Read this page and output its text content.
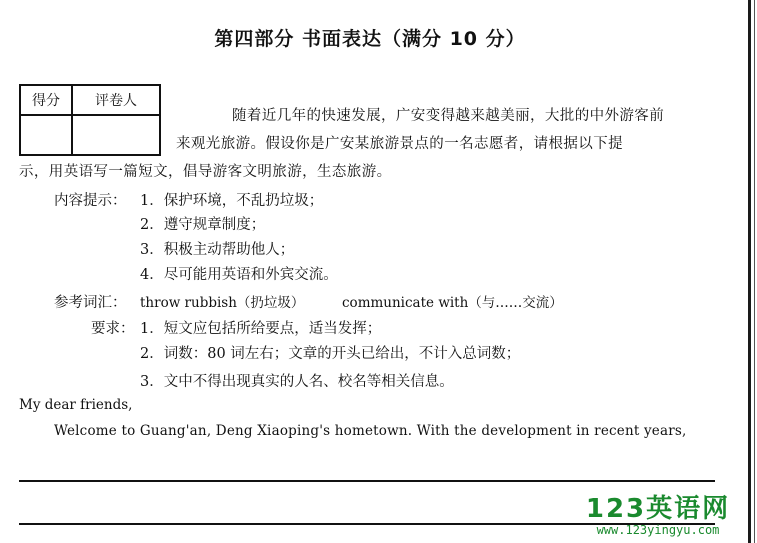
第四部分 书面表达（满分 10 分）
得分	评卷人

随着近几年的快速发展，广安变得越来越美丽，大批的中外游客前
来观光旅游。假设你是广安某旅游景点的一名志愿者，请根据以下提
示，用英语写一篇短文，倡导游客文明旅游，生态旅游。
内容提示： 1．保护环境，不乱扔垃圾；
2．遵守规章制度；
3．积极主动帮助他人；
4．尽可能用英语和外宾交流。
参考词汇： throw rubbish（扔垃圾）	communicate with（与……交流）
要求： 1．短文应包括所给要点，适当发挥；
2．词数：80 词左右；文章的开头已给出，不计入总词数；
3．文中不得出现真实的人名、校名等相关信息。
My dear friends,
Welcome to Guang'an, Deng Xiaoping's hometown. With the development in recent years,
123英语网
www.123yingyu.com
